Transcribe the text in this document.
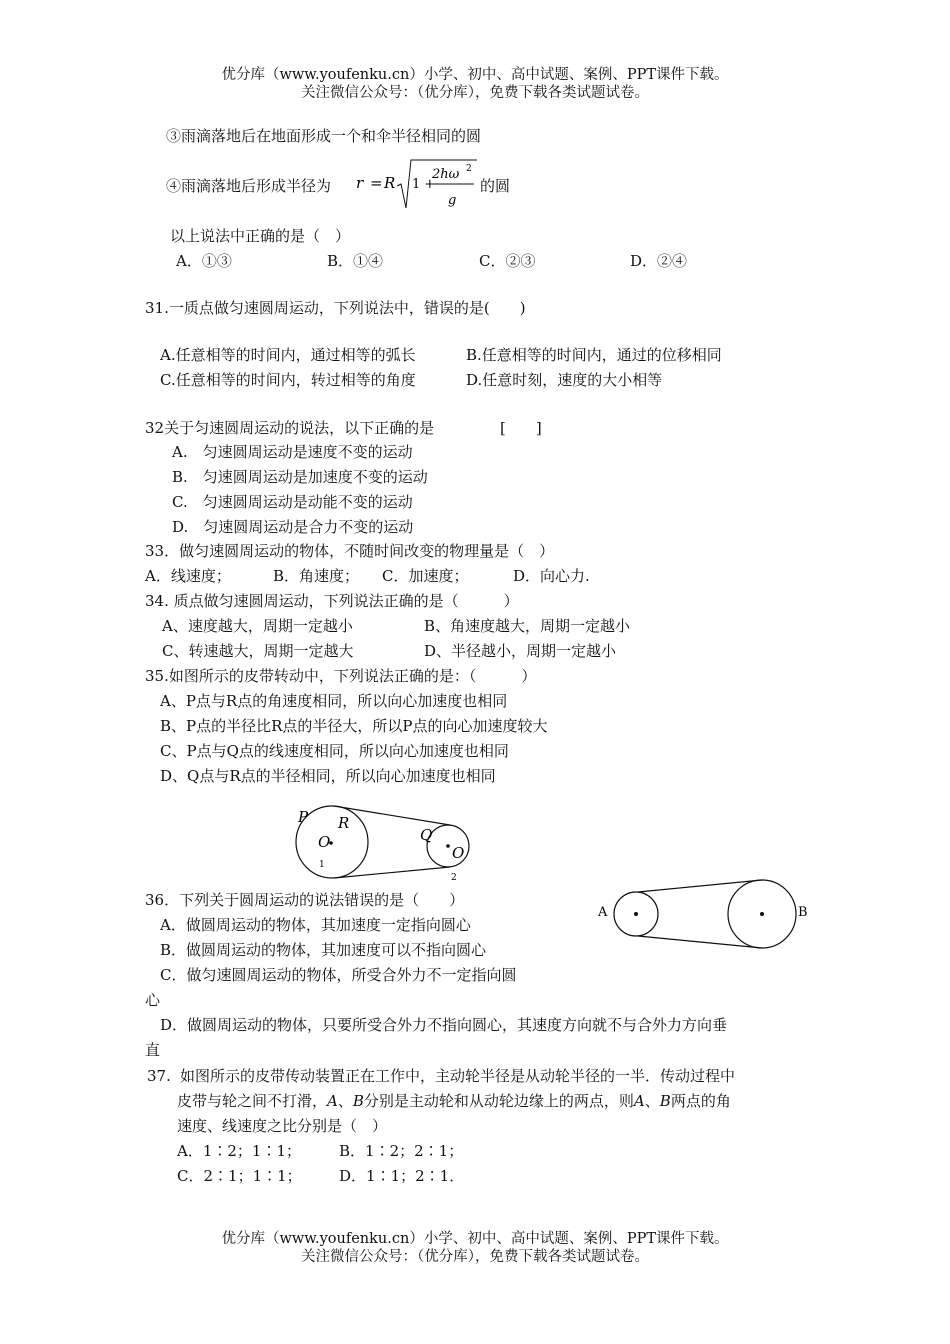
优分库（www.youfenku.cn）小学、初中、高中试题、案例、PPT课件下载。
关注微信公众号：（优分库），免费下载各类试题试卷。
③雨滴落地后在地面形成一个和伞半径相同的圆
④雨滴落地后形成半径为 r = R 1 +
2hω 2
g
的圆
以上说法中正确的是（　）
A．①③	B．①④	C．②③	D．②④
31.一质点做匀速圆周运动，下列说法中，错误的是(　　)
A.任意相等的时间内，通过相等的弧长	B.任意相等的时间内，通过的位移相同
C.任意相等的时间内，转过相等的角度	D.任意时刻，速度的大小相等
32关于匀速圆周运动的说法，以下正确的是	[　　]
A.　匀速圆周运动是速度不变的运动
B.　匀速圆周运动是加速度不变的运动
C.　匀速圆周运动是动能不变的运动
D.　匀速圆周运动是合力不变的运动
33．做匀速圆周运动的物体，不随时间改变的物理量是（　）
A．线速度；	B．角速度； C．加速度；	D．向心力.
34. 质点做匀速圆周运动，下列说法正确的是（　　　）
A、速度越大，周期一定越小	B、角速度越大，周期一定越小
C、转速越大，周期一定越大	D、半径越小，周期一定越小
35.如图所示的皮带转动中，下列说法正确的是：（　　　）
A、P点与R点的角速度相同，所以向心加速度也相同
B、P点的半径比R点的半径大，所以P点的向心加速度较大
C、P点与Q点的线速度相同，所以向心加速度也相同
D、Q点与R点的半径相同，所以向心加速度也相同
P R
O
1
Q
O
2
36．下列关于圆周运动的说法错误的是（　　）
A．做圆周运动的物体，其加速度一定指向圆心
B．做圆周运动的物体，其加速度可以不指向圆心
C．做匀速圆周运动的物体，所受合外力不一定指向圆
心
D．做圆周运动的物体，只要所受合外力不指向圆心，其速度方向就不与合外力方向垂
直
A	B
37. 如图所示的皮带传动装置正在工作中，主动轮半径是从动轮半径的一半．传动过程中
皮带与轮之间不打滑，A、B分别是主动轮和从动轮边缘上的两点，则A、B两点的角
速度、线速度之比分别是（　）
A．1∶2；1∶1；	B．1∶2；2∶1；
C．2∶1；1∶1； D．1∶1；2∶1．
优分库（www.youfenku.cn）小学、初中、高中试题、案例、PPT课件下载。
关注微信公众号：（优分库），免费下载各类试题试卷。
